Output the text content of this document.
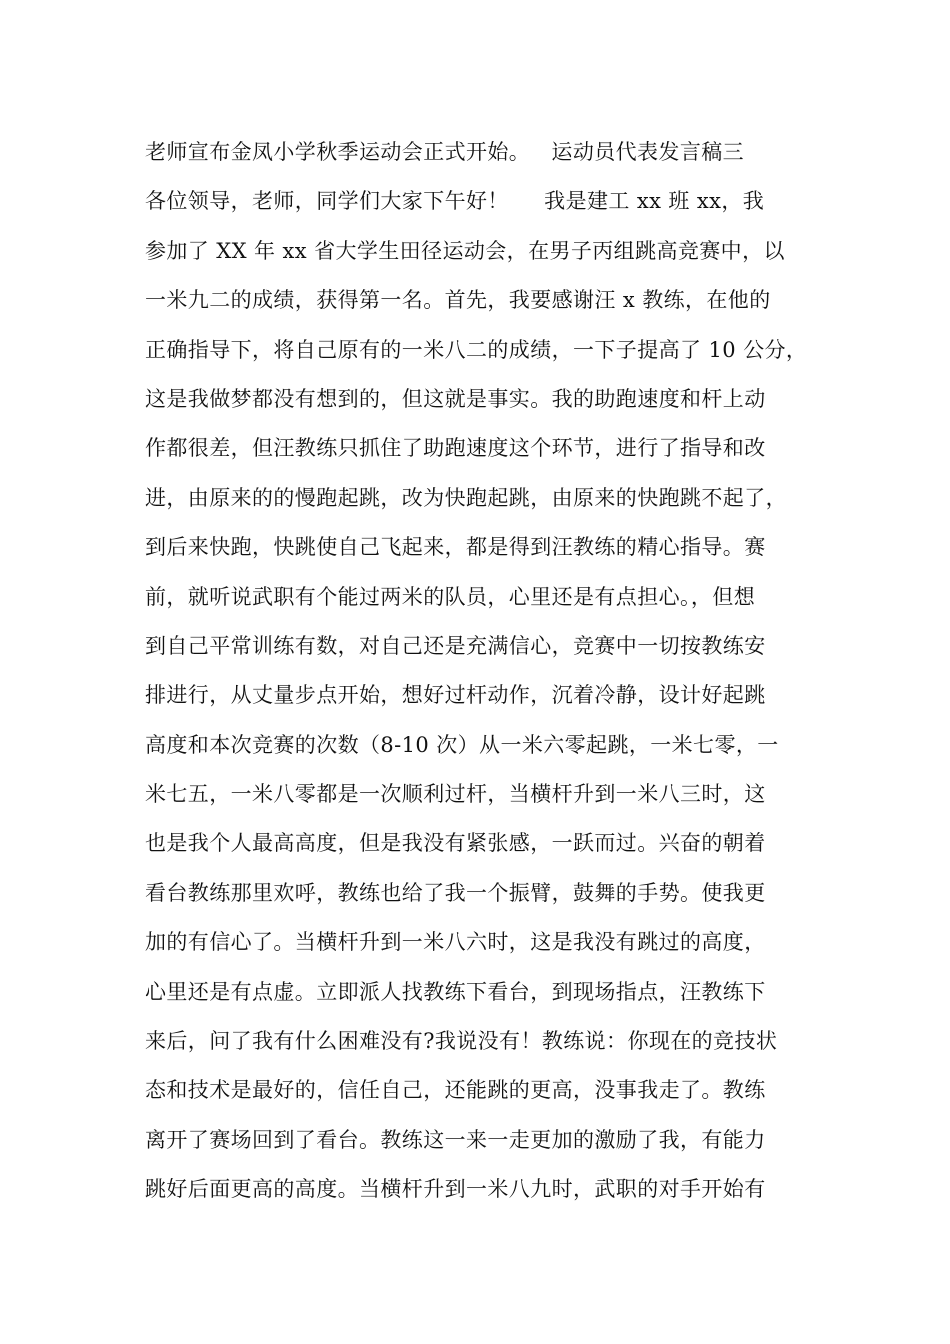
老师宣布金凤小学秋季运动会正式开始。   运动员代表发言稿三
各位领导，老师，同学们大家下午好！     我是建工 xx 班 xx，我
参加了 XX 年 xx 省大学生田径运动会，在男子丙组跳高竞赛中，以
一米九二的成绩，获得第一名。首先，我要感谢汪 x 教练，在他的
正确指导下，将自己原有的一米八二的成绩，一下子提高了 10 公分，
这是我做梦都没有想到的，但这就是事实。我的助跑速度和杆上动
作都很差，但汪教练只抓住了助跑速度这个环节，进行了指导和改
进，由原来的的慢跑起跳，改为快跑起跳，由原来的快跑跳不起了，
到后来快跑，快跳使自己飞起来，都是得到汪教练的精心指导。赛
前，就听说武职有个能过两米的队员，心里还是有点担心。，但想
到自己平常训练有数，对自己还是充满信心，竞赛中一切按教练安
排进行，从丈量步点开始，想好过杆动作，沉着冷静，设计好起跳
高度和本次竞赛的次数（8-10 次）从一米六零起跳，一米七零，一
米七五，一米八零都是一次顺利过杆，当横杆升到一米八三时，这
也是我个人最高高度，但是我没有紧张感，一跃而过。兴奋的朝着
看台教练那里欢呼，教练也给了我一个振臂，鼓舞的手势。使我更
加的有信心了。当横杆升到一米八六时，这是我没有跳过的高度，
心里还是有点虚。立即派人找教练下看台，到现场指点，汪教练下
来后，问了我有什么困难没有?我说没有！教练说：你现在的竞技状
态和技术是最好的，信任自己，还能跳的更高，没事我走了。教练
离开了赛场回到了看台。教练这一来一走更加的激励了我，有能力
跳好后面更高的高度。当横杆升到一米八九时，武职的对手开始有
